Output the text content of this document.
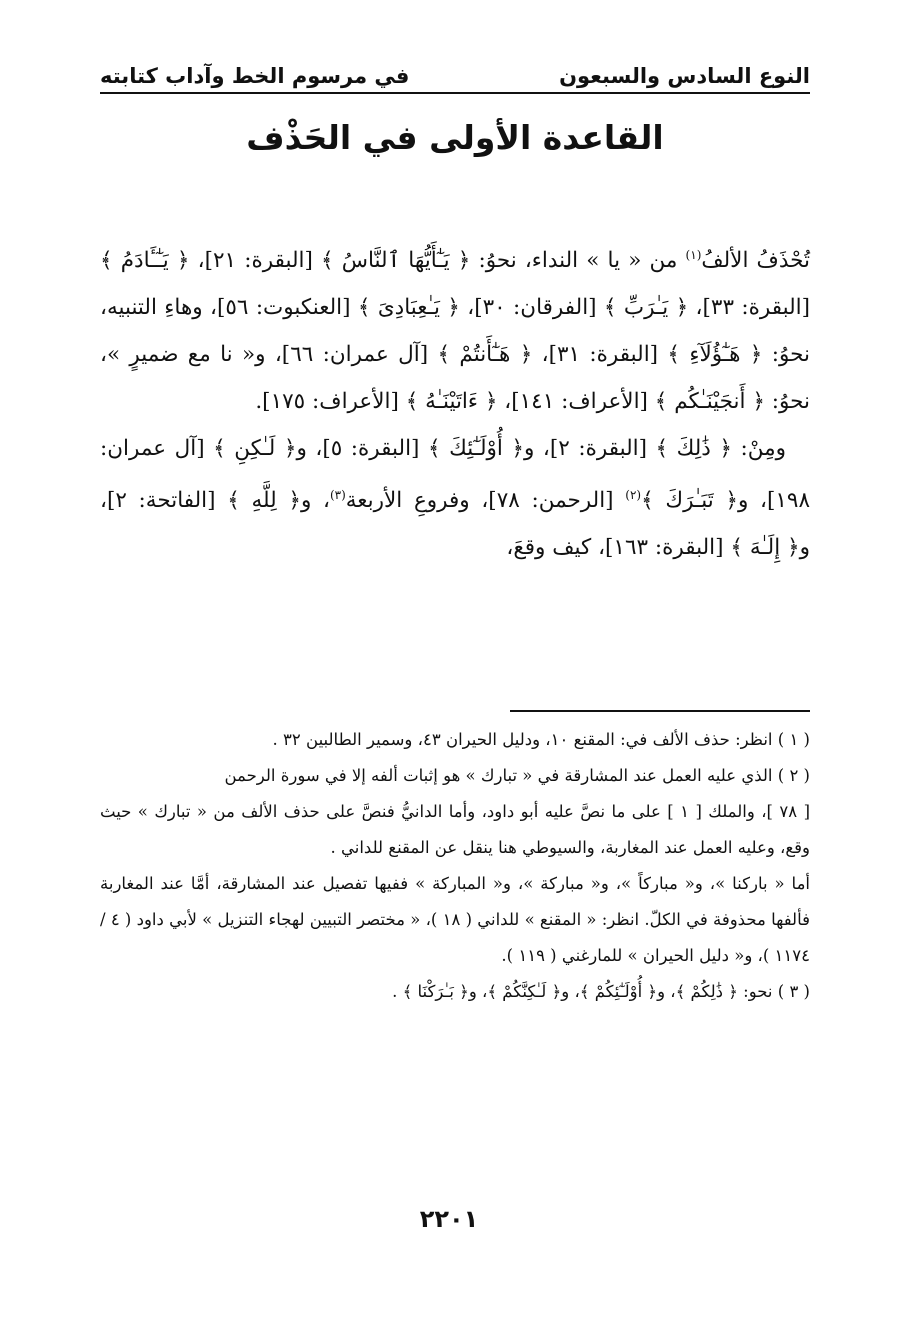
النوع السادس والسبعون
في مرسوم الخط وآداب كتابته
القاعدة الأولى في الحَذْف

تُحْذَفُ الألفُ$^{(١)}$ من « يا » النداء، نحوُ: ﴿ يَـٰٓأَيُّهَا ٱلنَّاسُ ﴾ [البقرة: ٢١]، ﴿ يَـٰٓـَٔادَمُ ﴾ [البقرة: ٣٣]، ﴿ يَـٰرَبِّ ﴾ [الفرقان: ٣٠]، ﴿ يَـٰعِبَادِىَ ﴾ [العنكبوت: ٥٦]، وهاءِ التنبيه، نحوُ: ﴿ هَـٰٓؤُلَآءِ ﴾ [البقرة: ٣١]، ﴿ هَـٰٓأَنتُمْ ﴾ [آل عمران: ٦٦]، و« نا مع ضميرٍ »، نحوُ: ﴿ أَنجَيْنَـٰكُم ﴾ [الأعراف: ١٤١]، ﴿ ءَاتَيْنَـٰهُ ﴾ [الأعراف: ١٧٥].

ومِنْ: ﴿ ذَٰلِكَ ﴾ [البقرة: ٢]، و﴿ أُوْلَـٰٓئِكَ ﴾ [البقرة: ٥]، و﴿ لَـٰكِنِ ﴾ [آل عمران: ١٩٨]، و﴿ تَبَـٰرَكَ ﴾$^{(٢)}$ [الرحمن: ٧٨]، وفروعِ الأربعة$^{(٣)}$، و﴿ لِلَّهِ ﴾ [الفاتحة: ٢]، و﴿ إِلَـٰهَ ﴾ [البقرة: ١٦٣]، كيف وقعَ،

( ١ ) انظر: حذف الألف في: المقنع ١٠، ودليل الحيران ٤٣، وسمير الطالبين ٣٢ .
( ٢ ) الذي عليه العمل عند المشارقة في « تبارك » هو إثبات ألفه إلا في سورة الرحمن
[ ٧٨ ]، والملك [ ١ ] على ما نصَّ عليه أبو داود، وأما الدانيُّ فنصَّ على حذف الألف من « تبارك » حيث وقع، وعليه العمل عند المغاربة، والسيوطي هنا ينقل عن المقنع للداني .
أما « باركنا »، و« مباركاً »، و« مباركة »، و« المباركة » ففيها تفصيل عند المشارقة، أمَّا عند المغاربة فألفها محذوفة في الكلّ. انظر: « المقنع » للداني ( ١٨ )، « مختصر التبيين لهجاء التنزيل » لأبي داود ( ٤ / ١١٧٤ )، و« دليل الحيران » للمارغني ( ١١٩ ).
( ٣ ) نحو: ﴿ ذَٰلِكُمْ ﴾، و﴿ أُوْلَـٰٓئِكُمْ ﴾، و﴿ لَـٰكِنَّكُمْ ﴾، و﴿ بَـٰرَكْنَا ﴾ .
٢٢٠١
